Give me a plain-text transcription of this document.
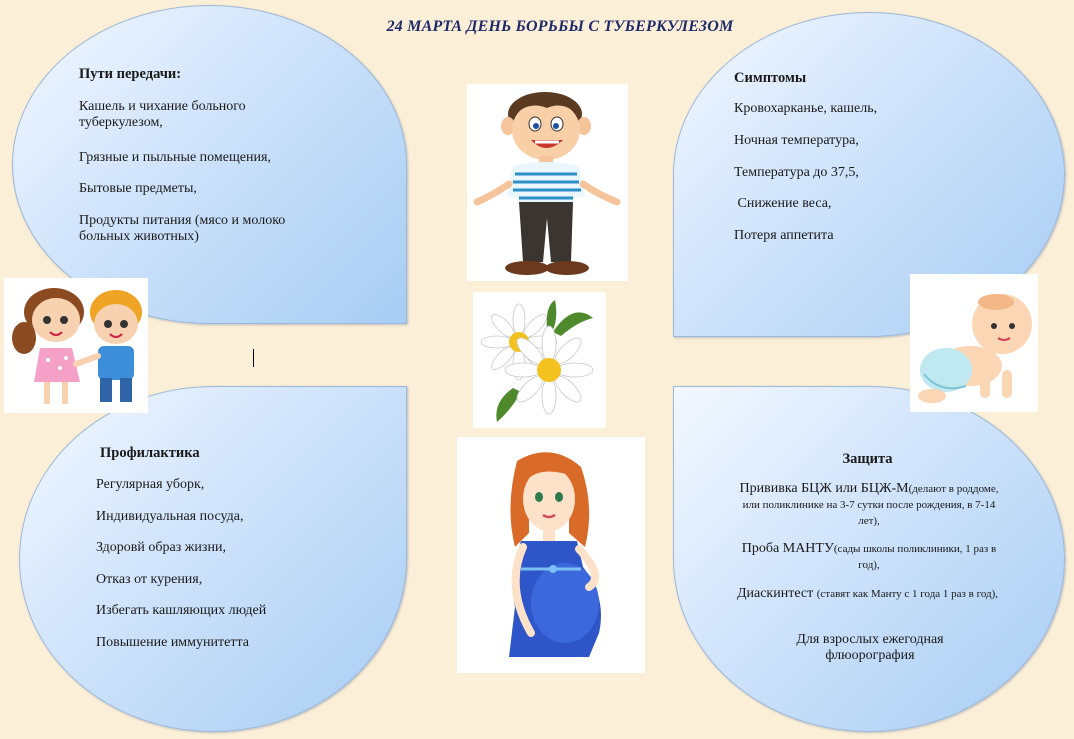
24 МАРТА ДЕНЬ БОРЬБЫ С ТУБЕРКУЛЕЗОМ
Пути передачи:
Кашель и чихание больного туберкулезом,
Грязные и пыльные помещения,
Бытовые предметы,
Продукты питания (мясо и молоко больных животных)
Симптомы
Кровохарканье, кашель,
Ночная температура,
Температура до 37,5,
Снижение веса,
Потеря аппетита
Профилактика
Регулярная уборк,
Индивидуальная посуда,
Здоровй образ жизни,
Отказ от курения,
Избегать кашляющих людей
Повышение иммунитетта
Защита
Прививка БЦЖ или БЦЖ-М(делают в роддоме, или поликлинике на 3-7 сутки после рождения, в 7-14 лет),
Проба МАНТУ(сады школы поликлиники, 1 раз в год),
Диаскинтест (ставят как Манту с 1 года 1 раз в год),
Для взрослых ежегодная флюорография
